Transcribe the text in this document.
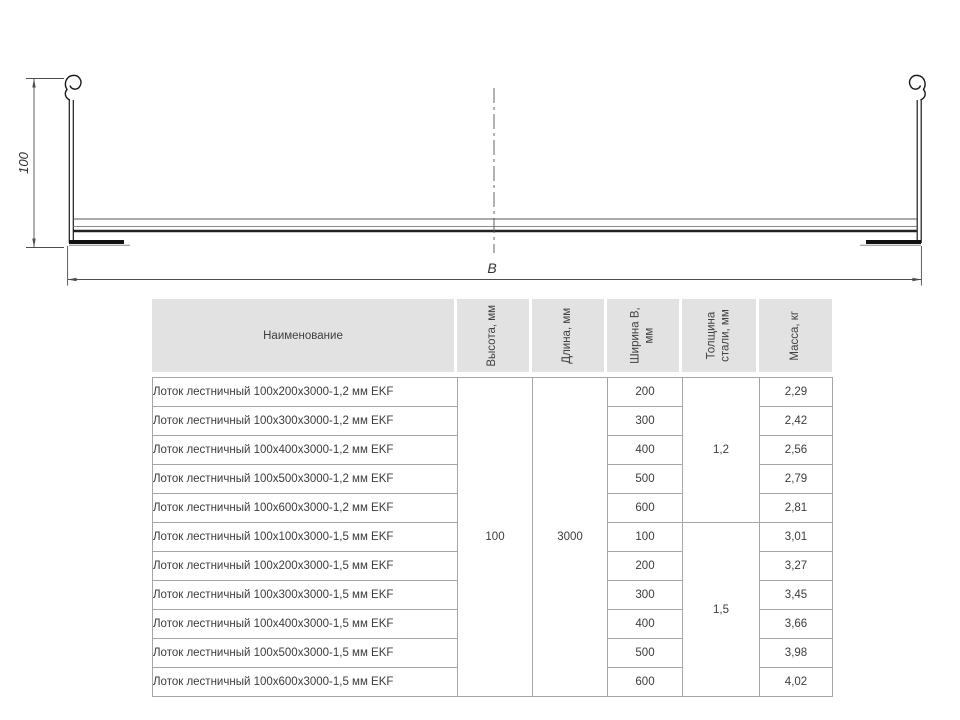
100
B
Наименование	Высота, мм	Длина, мм	Ширина В, мм	Толщина стали, мм	Масса, кг
Лоток лестничный 100х200х3000-1,2 мм EKF	100	3000	200	1,2	2,29
Лоток лестничный 100х300х3000-1,2 мм EKF			300		2,42
Лоток лестничный 100х400х3000-1,2 мм EKF			400		2,56
Лоток лестничный 100х500х3000-1,2 мм EKF			500		2,79
Лоток лестничный 100х600х3000-1,2 мм EKF			600		2,81
Лоток лестничный 100х100х3000-1,5 мм EKF			100	1,5	3,01
Лоток лестничный 100х200х3000-1,5 мм EKF			200		3,27
Лоток лестничный 100х300х3000-1,5 мм EKF			300		3,45
Лоток лестничный 100х400х3000-1,5 мм EKF			400		3,66
Лоток лестничный 100х500х3000-1,5 мм EKF			500		3,98
Лоток лестничный 100х600х3000-1,5 мм EKF			600		4,02
